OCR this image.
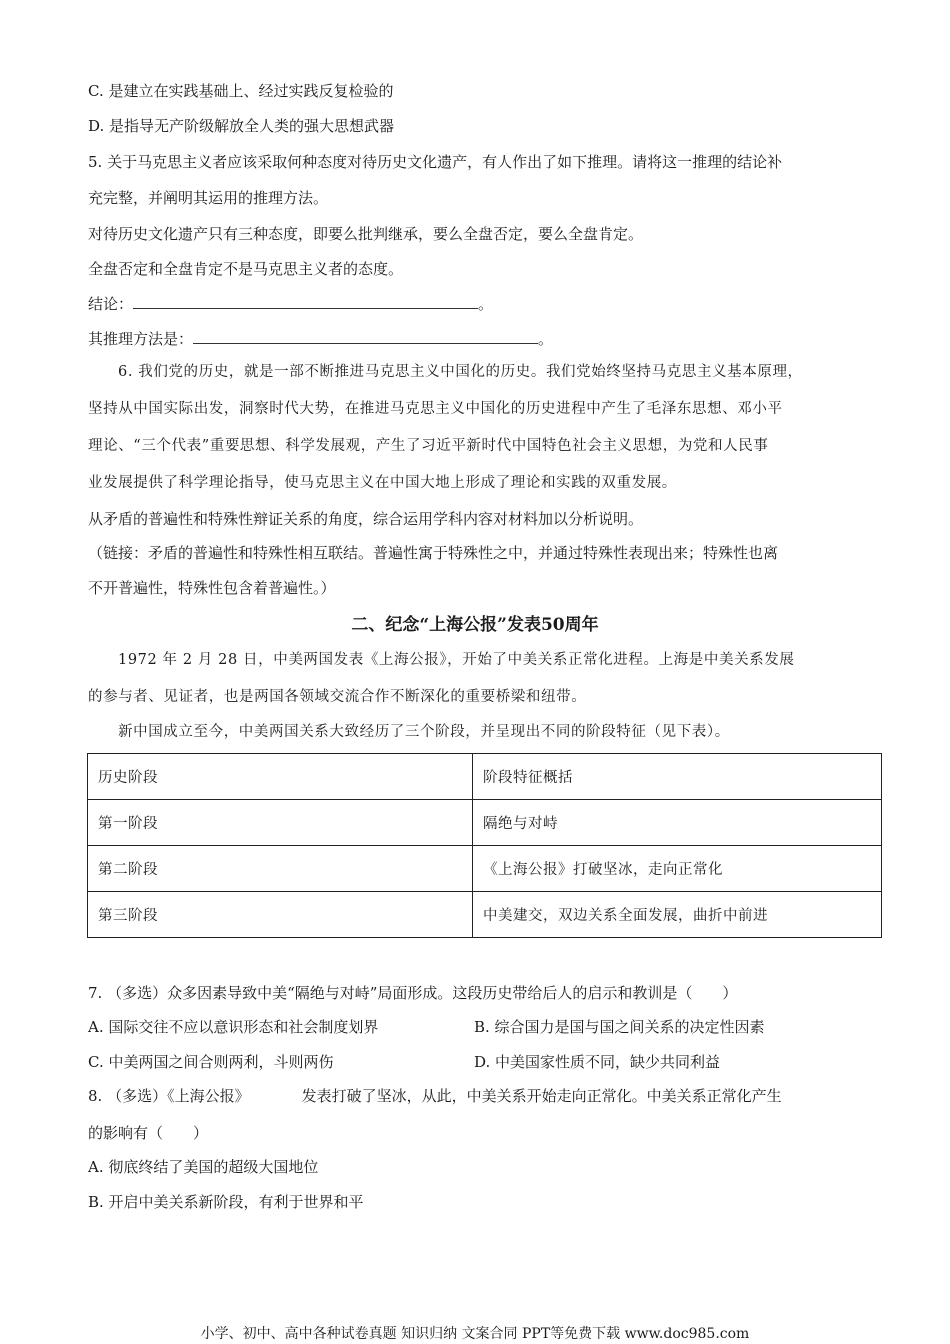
C. 是建立在实践基础上、经过实践反复检验的
D. 是指导无产阶级解放全人类的强大思想武器
5. 关于马克思主义者应该采取何种态度对待历史文化遗产，有人作出了如下推理。请将这一推理的结论补
充完整，并阐明其运用的推理方法。
对待历史文化遗产只有三种态度，即要么批判继承，要么全盘否定，要么全盘肯定。
全盘否定和全盘肯定不是马克思主义者的态度。
结论：	。
其推理方法是：	。
6. 我们党的历史，就是一部不断推进马克思主义中国化的历史。我们党始终坚持马克思主义基本原理，
坚持从中国实际出发，洞察时代大势，在推进马克思主义中国化的历史进程中产生了毛泽东思想、邓小平
理论、“三个代表”重要思想、科学发展观，产生了习近平新时代中国特色社会主义思想，为党和人民事
业发展提供了科学理论指导，使马克思主义在中国大地上形成了理论和实践的双重发展。
从矛盾的普遍性和特殊性辩证关系的角度，综合运用学科内容对材料加以分析说明。
（链接：矛盾的普遍性和特殊性相互联结。普遍性寓于特殊性之中，并通过特殊性表现出来；特殊性也离
不开普遍性，特殊性包含着普遍性。）
二、纪念“上海公报”发表50周年
1972 年 2 月 28 日，中美两国发表《上海公报》，开始了中美关系正常化进程。上海是中美关系发展
的参与者、见证者，也是两国各领域交流合作不断深化的重要桥梁和纽带。
新中国成立至今，中美两国关系大致经历了三个阶段，并呈现出不同的阶段特征（见下表）。
历史阶段	阶段特征概括
第一阶段	隔绝与对峙
第二阶段	《上海公报》打破坚冰，走向正常化
第三阶段	中美建交，双边关系全面发展，曲折中前进
7. （多选）众多因素导致中美“隔绝与对峙”局面形成。这段历史带给后人的启示和教训是（　　）
A. 国际交往不应以意识形态和社会制度划界	B. 综合国力是国与国之间关系的决定性因素
C. 中美两国之间合则两利，斗则两伤	D. 中美国家性质不同，缺少共同利益
8. （多选）《上海公报》	发表打破了坚冰，从此，中美关系开始走向正常化。中美关系正常化产生
的影响有（　　）
A. 彻底终结了美国的超级大国地位
B. 开启中美关系新阶段，有利于世界和平
小学、初中、高中各种试卷真题 知识归纳 文案合同 PPT等免费下载 www.doc985.com
